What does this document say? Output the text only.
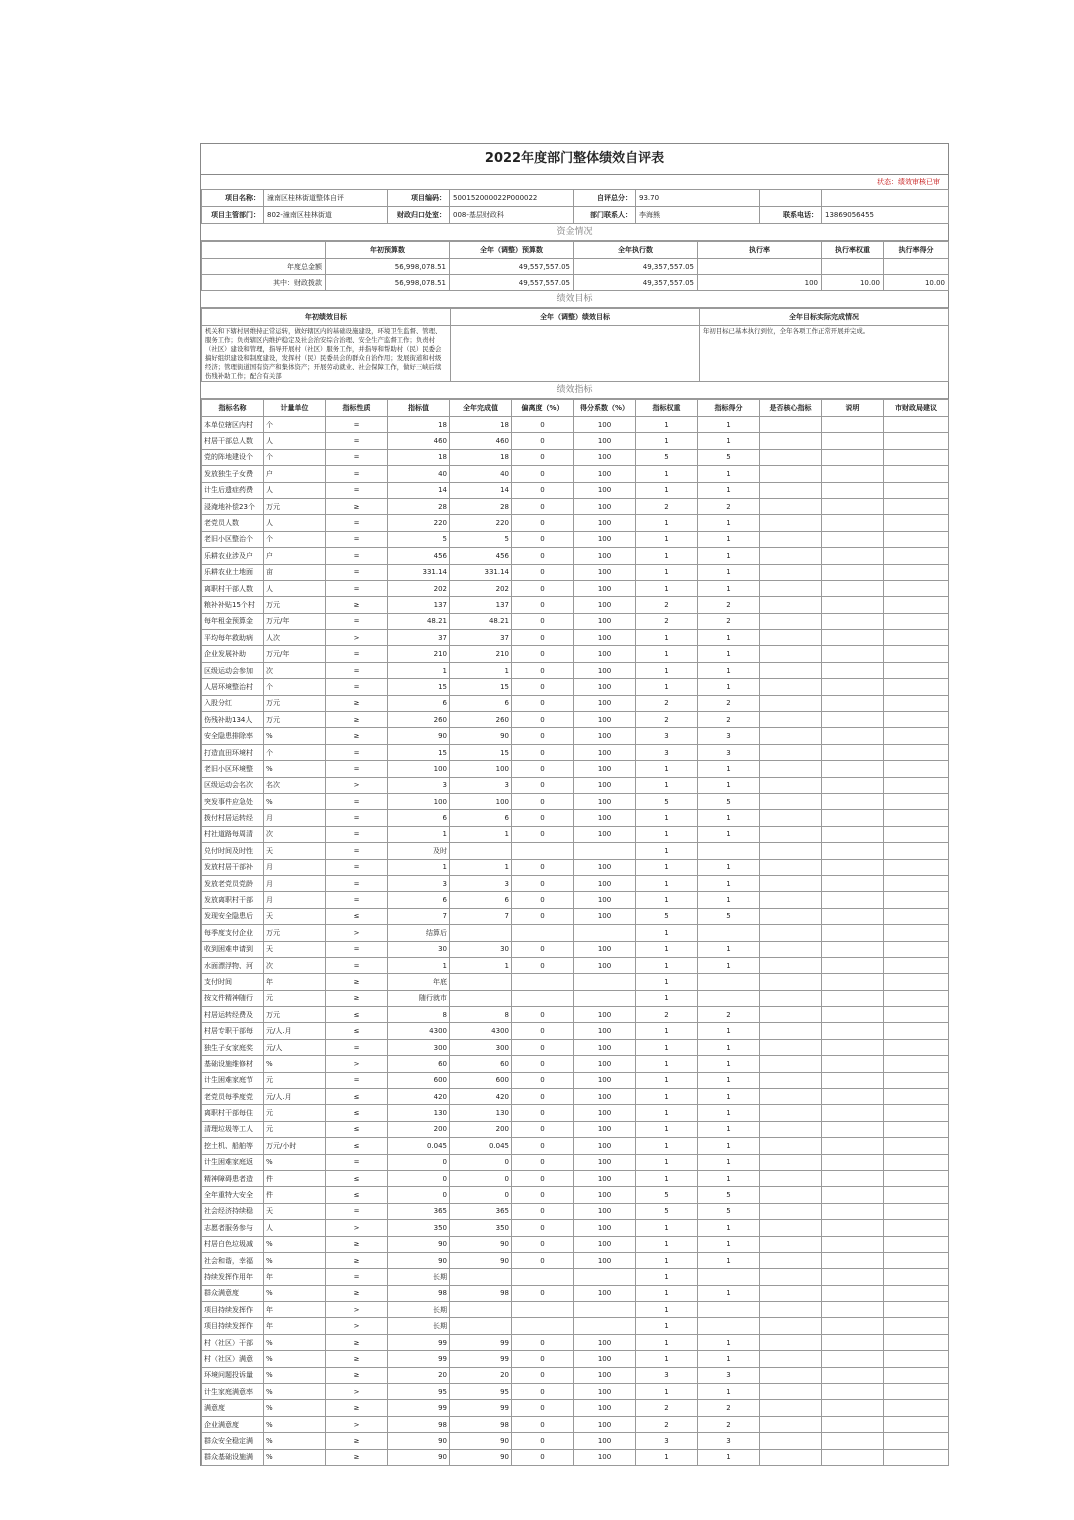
2022年度部门整体绩效自评表
状态：绩效审核已审
项目名称：	潼南区桂林街道整体自评	项目编码：	500152000022P000022	自评总分：	93.70		
项目主管部门：	802-潼南区桂林街道	财政归口处室：	008-基层财政科	部门联系人：	李海熊	联系电话：	13869056455
资金情况
	年初预算数	全年（调整）预算数	全年执行数	执行率	执行率权重	执行率得分
年度总金额	56,998,078.51	49,557,557.05	49,357,557.05			
其中：财政拨款	56,998,078.51	49,557,557.05	49,357,557.05	100	10.00	10.00
绩效目标
年初绩效目标	全年（调整）绩效目标	全年目标实际完成情况
机关和下辖村居维持正常运转，做好辖区内的基础设施建设，环境卫生监督、管理、服务工作；负责辖区内维护稳定及社会治安综合治理、安全生产监督工作；负责村（社区）建设和管理，指导开展村（社区）服务工作，并指导和帮助村（民）民委会搞好组织建设和制度建设，发挥村（民）民委员会的群众自治作用；发展街道和村级经济；管理街道国有资产和集体资产；开展劳动就业、社会保障工作，做好三峡后续伤残补助工作；配合有关部		年初目标已基本执行到位，全年各项工作正常开展并完成。
绩效指标
指标名称	计量单位	指标性质	指标值	全年完成值	偏离度（%）	得分系数（%）	指标权重	指标得分	是否核心指标	说明	市财政局建议
本单位辖区内村	个	=	18	18	0	100	1	1			
村居干部总人数	人	=	460	460	0	100	1	1			
党的阵地建设个	个	=	18	18	0	100	5	5			
发放独生子女费	户	=	40	40	0	100	1	1			
计生后遗症药费	人	=	14	14	0	100	1	1			
浸淹地补偿23个	万元	≥	28	28	0	100	2	2			
老党员人数	人	=	220	220	0	100	1	1			
老旧小区整治个	个	=	5	5	0	100	1	1			
乐耕农业涉及户	户	=	456	456	0	100	1	1			
乐耕农业土地面	亩	=	331.14	331.14	0	100	1	1			
离职村干部人数	人	=	202	202	0	100	1	1			
粮补补贴15个村	万元	≥	137	137	0	100	2	2			
每年租金预算金	万元/年	=	48.21	48.21	0	100	2	2			
平均每年救助病	人次	>	37	37	0	100	1	1			
企业发展补助	万元/年	=	210	210	0	100	1	1			
区级运动会参加	次	=	1	1	0	100	1	1			
人居环境整治村	个	=	15	15	0	100	1	1			
入股分红	万元	≥	6	6	0	100	2	2			
伤残补助134人	万元	≥	260	260	0	100	2	2			
安全隐患排除率	%	≥	90	90	0	100	3	3			
打造直田环境村	个	=	15	15	0	100	3	3			
老旧小区环境整	%	=	100	100	0	100	1	1			
区级运动会名次	名次	>	3	3	0	100	1	1			
突发事件应急处	%	=	100	100	0	100	5	5			
拨付村居运转经	月	=	6	6	0	100	1	1			
村社道路每周清	次	=	1	1	0	100	1	1			
兑付时间及时性	天	=	及时				1				
发放村居干部补	月	=	1	1	0	100	1	1			
发放老党员党龄	月	=	3	3	0	100	1	1			
发放离职村干部	月	=	6	6	0	100	1	1			
发现安全隐患后	天	≤	7	7	0	100	5	5			
每季度支付企业	万元	>	结算后				1				
收到困难申请到	天	=	30	30	0	100	1	1			
水面漂浮物、河	次	=	1	1	0	100	1	1			
支付时间	年	≥	年底				1				
按文件精神随行	元	≥	随行就市				1				
村居运转经费及	万元	≤	8	8	0	100	2	2			
村居专职干部每	元/人.月	≤	4300	4300	0	100	1	1			
独生子女家庭奖	元/人	=	300	300	0	100	1	1			
基础设施维修材	%	>	60	60	0	100	1	1			
计生困难家庭节	元	=	600	600	0	100	1	1			
老党员每季度党	元/人.月	≤	420	420	0	100	1	1			
离职村干部每住	元	≤	130	130	0	100	1	1			
清理垃圾等工人	元	≤	200	200	0	100	1	1			
挖土机、船舶等	万元/小时	≤	0.045	0.045	0	100	1	1			
计生困难家庭返	%	=	0	0	0	100	1	1			
精神障碍患者造	件	≤	0	0	0	100	1	1			
全年重特大安全	件	≤	0	0	0	100	5	5			
社会经济持续稳	天	=	365	365	0	100	5	5			
志愿者服务参与	人	>	350	350	0	100	1	1			
村居白色垃圾减	%	≥	90	90	0	100	1	1			
社会和谐，幸福	%	≥	90	90	0	100	1	1			
持续发挥作用年	年	=	长期				1				
群众满意度	%	≥	98	98	0	100	1	1			
项目持续发挥作	年	>	长期				1				
项目持续发挥作	年	>	长期				1				
村（社区）干部	%	≥	99	99	0	100	1	1			
村（社区）满意	%	≥	99	99	0	100	1	1			
环境问题投诉量	%	≥	20	20	0	100	3	3			
计生家庭满意率	%	>	95	95	0	100	1	1			
满意度	%	≥	99	99	0	100	2	2			
企业满意度	%	>	98	98	0	100	2	2			
群众安全稳定满	%	≥	90	90	0	100	3	3			
群众基础设施满	%	≥	90	90	0	100	1	1			
